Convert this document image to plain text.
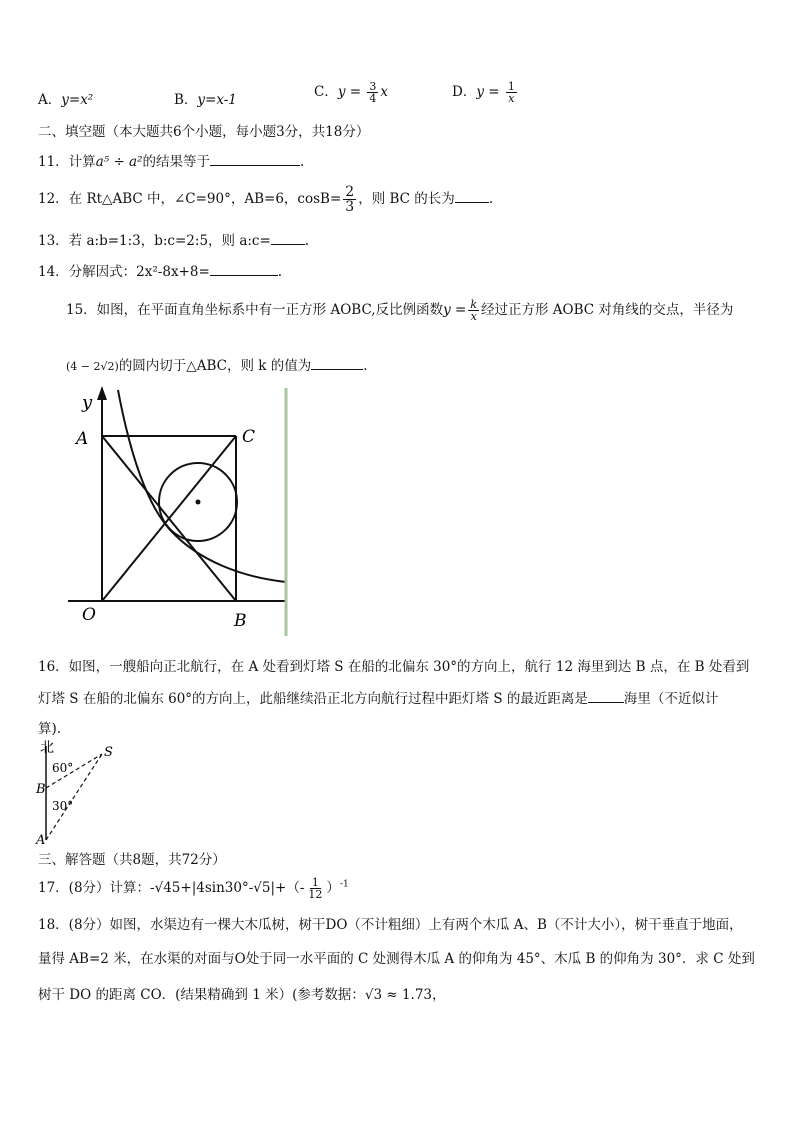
A．y=x²	B．y=x-1	C．$y = \frac{3}{4}$ x	D．$y = \frac{1}{x}$
二、填空题（本大题共6个小题，每小题3分，共18分）
11．计算a⁵ ÷ a²的结果等于	.
12．在 Rt△ABC 中，∠C=90°，AB=6，$\cos B= \frac{2}{3}$ ，则 BC 的长为	.
13．若 a:b=1:3，b:c=2:5，则 a:c=	.
14．分解因式：2x²-8x+8=	.
15．如图，在平面直角坐标系中有一正方形 AOBC,反比例函数$y = \frac{k}{x}$ 经过正方形 AOBC 对角线的交点，半径为
(4 − 2√2)的圆内切于△ABC，则 k 的值为	.
y
A	C
O	B
16．如图，一艘船向正北航行，在 A 处看到灯塔 S 在船的北偏东 30°的方向上，航行 12 海里到达 B 点，在 B 处看到
灯塔 S 在船的北偏东 60°的方向上，此船继续沿正北方向航行过程中距灯塔 S 的最近距离是	海里（不近似计
算).
北	S
60°
B
30°
A
三、解答题（共8题，共72分）
17．(8分）计算：$-√45+|4\sin 30^\circ-√5|+(- \frac{1}{12} )^{-1}$
18．(8分）如图，水渠边有一棵大木瓜树，树干DO（不计粗细）上有两个木瓜 A、B（不计大小），树干垂直于地面，
量得 AB=2 米，在水渠的对面与O处于同一水平面的 C 处测得木瓜 A 的仰角为 45°、木瓜 B 的仰角为 30°．求 C 处到
树干 DO 的距离 CO．(结果精确到 1 米）(参考数据：√3 ≈ 1.73，
